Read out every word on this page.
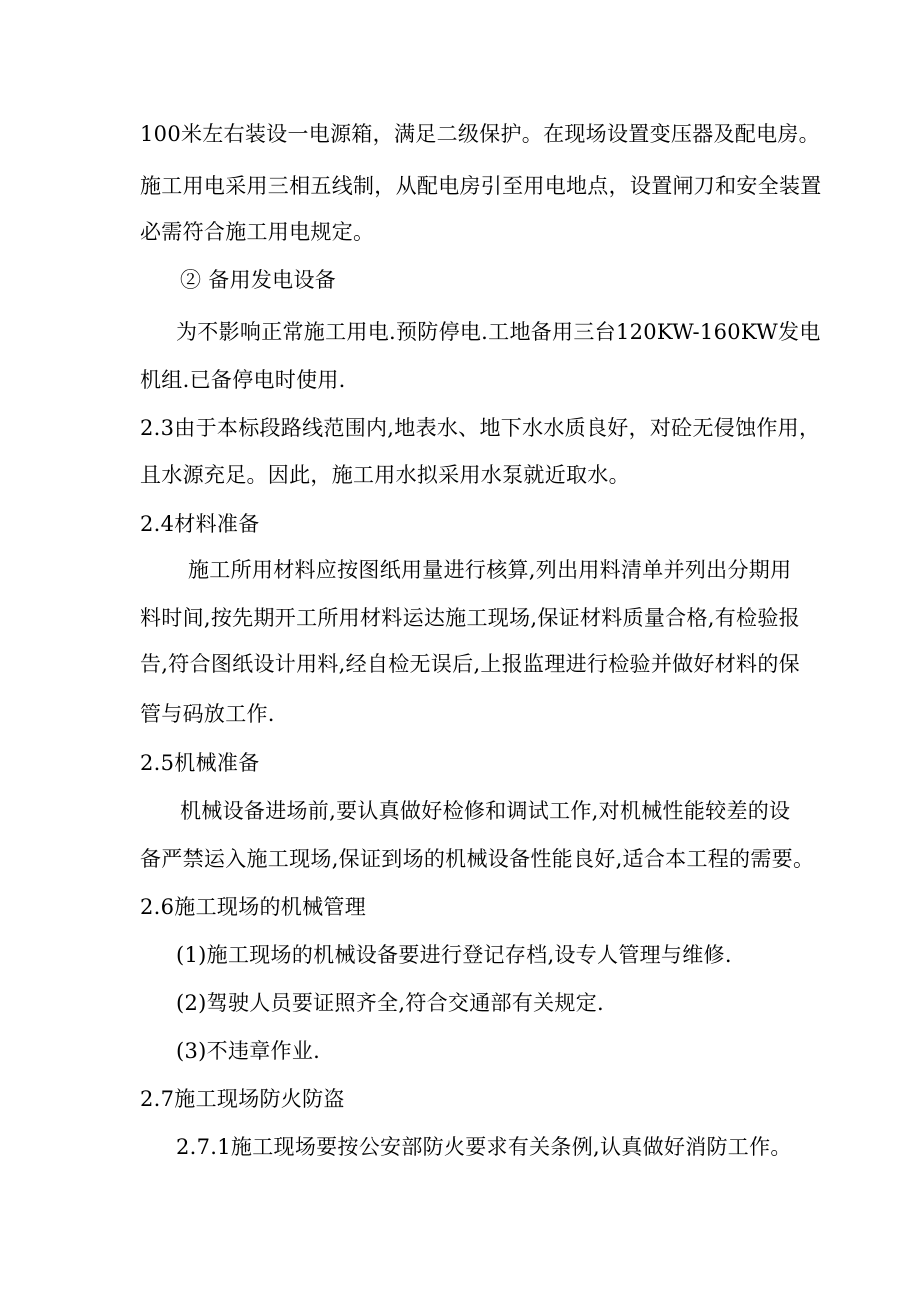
100米左右装设一电源箱，满足二级保护。在现场设置变压器及配电房。
施工用电采用三相五线制，从配电房引至用电地点，设置闸刀和安全装置
必需符合施工用电规定。
② 备用发电设备
为不影响正常施工用电.预防停电.工地备用三台120KW-160KW发电
机组.已备停电时使用.
2.3由于本标段路线范围内,地表水、地下水水质良好，对砼无侵蚀作用，
且水源充足。因此，施工用水拟采用水泵就近取水。
2.4材料准备
施工所用材料应按图纸用量进行核算,列出用料清单并列出分期用
料时间,按先期开工所用材料运达施工现场,保证材料质量合格,有检验报
告,符合图纸设计用料,经自检无误后,上报监理进行检验并做好材料的保
管与码放工作.
2.5机械准备
机械设备进场前,要认真做好检修和调试工作,对机械性能较差的设
备严禁运入施工现场,保证到场的机械设备性能良好,适合本工程的需要。
2.6施工现场的机械管理
(1)施工现场的机械设备要进行登记存档,设专人管理与维修.
(2)驾驶人员要证照齐全,符合交通部有关规定.
(3)不违章作业.
2.7施工现场防火防盗
2.7.1施工现场要按公安部防火要求有关条例,认真做好消防工作。
